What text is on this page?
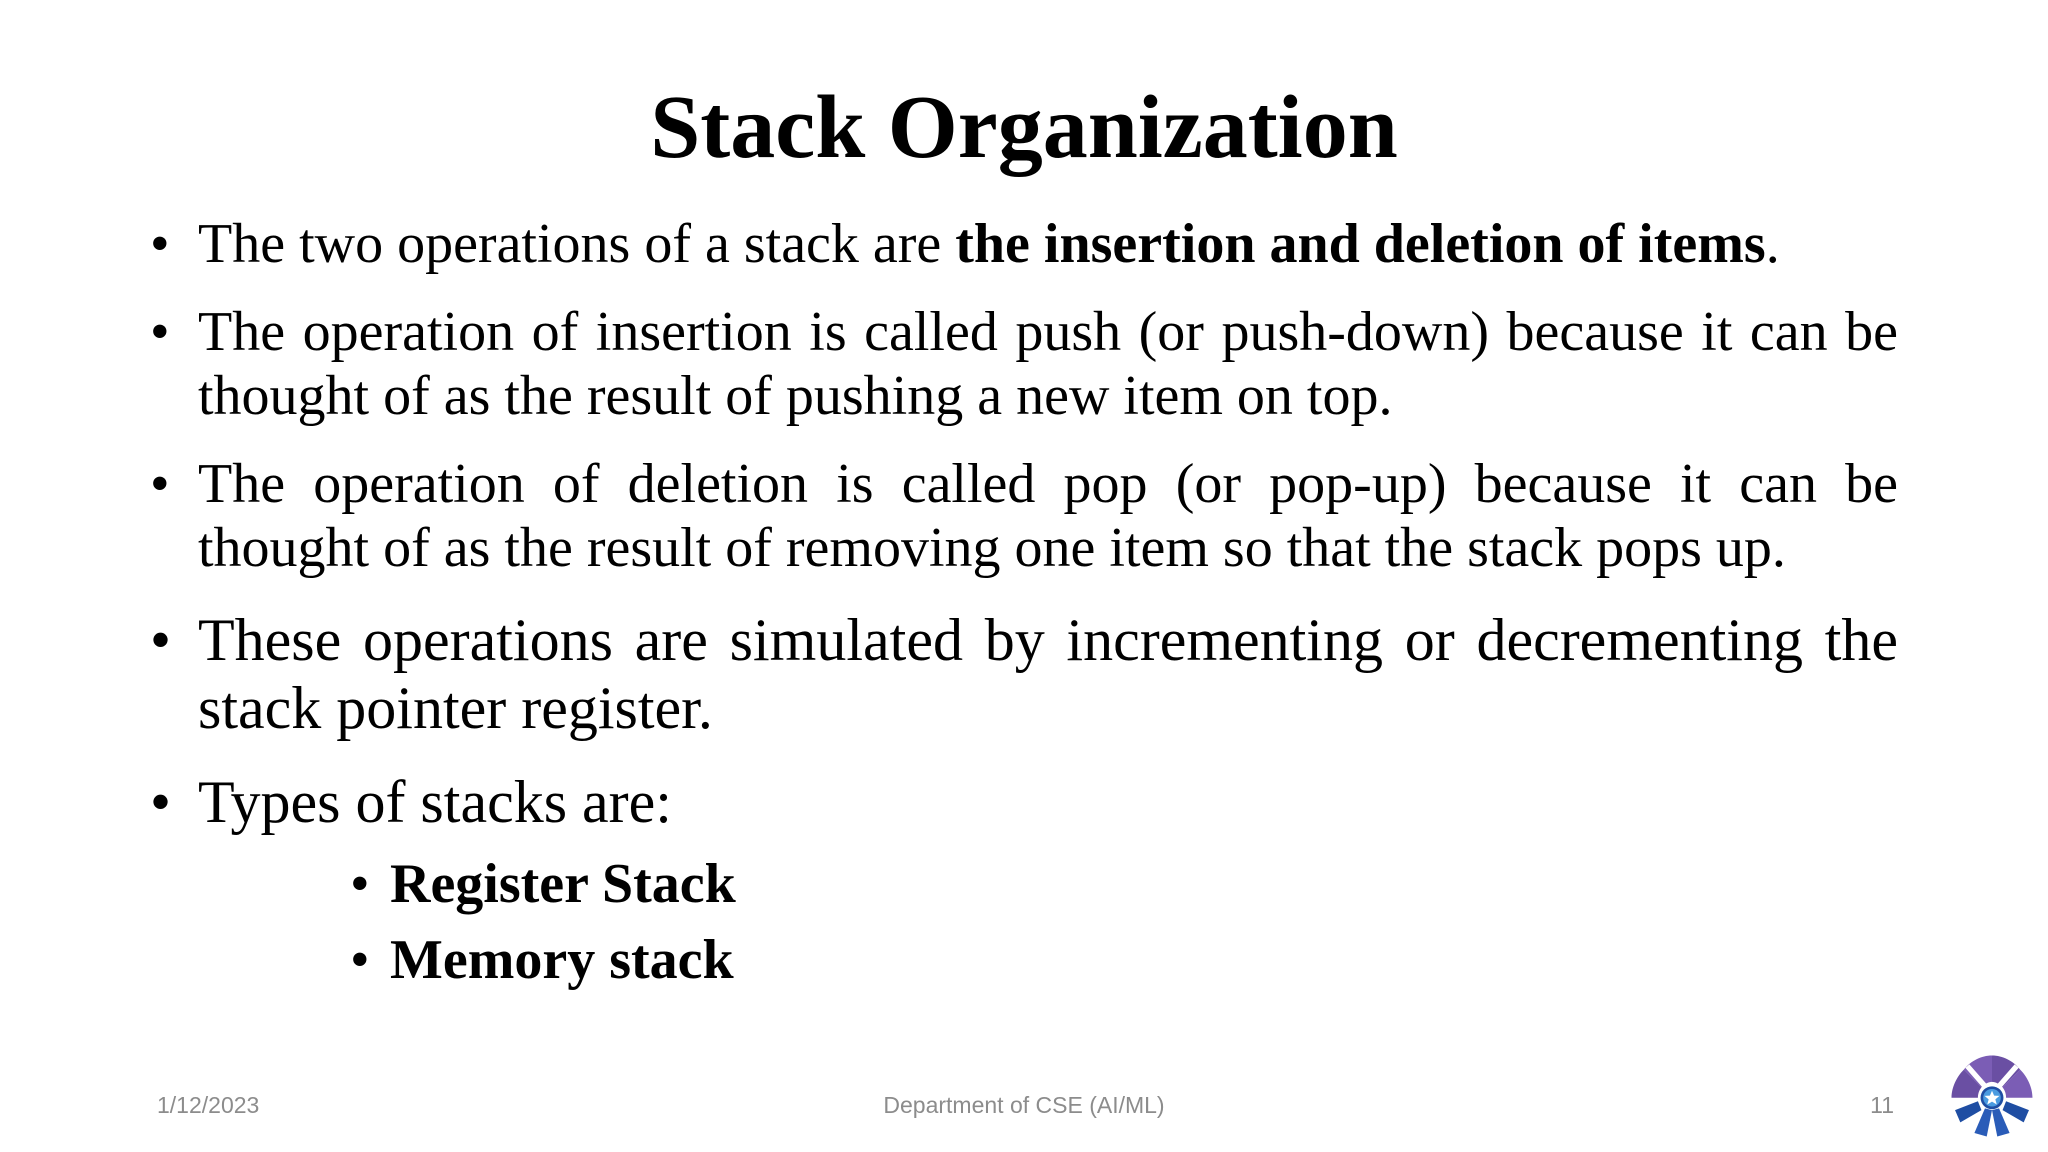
Stack Organization
• The two operations of a stack are the insertion and deletion of items.
• The operation of insertion is called push (or push-down) because it can be thought of as the result of pushing a new item on top.
• The operation of deletion is called pop (or pop-up) because it can be thought of as the result of removing one item so that the stack pops up.
• These operations are simulated by incrementing or decrementing the stack pointer register.
• Types of stacks are:
• Register Stack
• Memory stack
1/12/2023	Department of CSE (AI/ML)	11
